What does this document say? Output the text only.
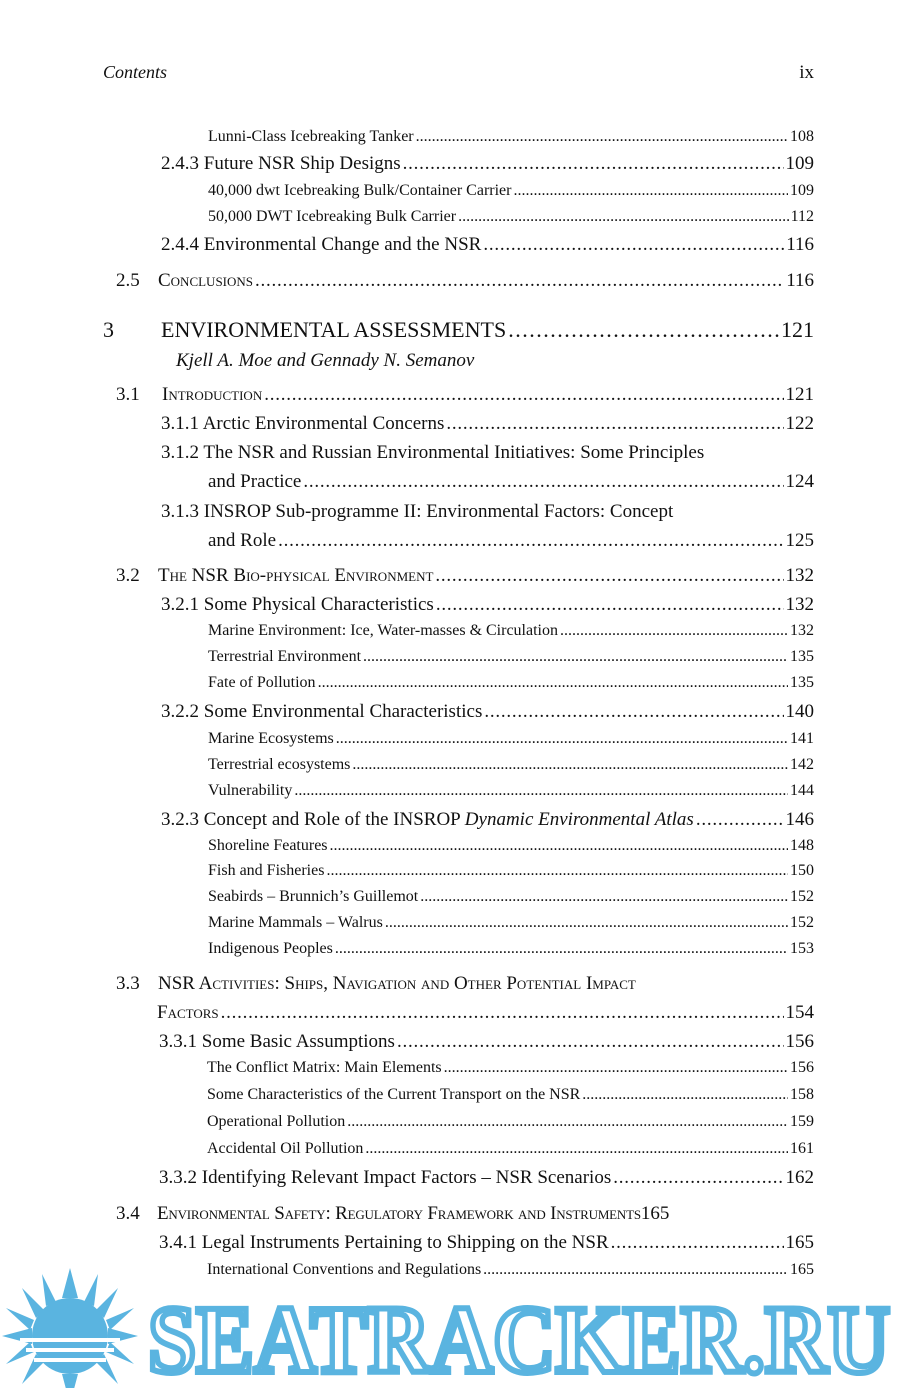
Contents	ix
Lunni-Class Icebreaking Tanker . . .	108
2.4.3 Future NSR Ship Designs . . .	109
40,000 dwt Icebreaking Bulk/Container Carrier . . .	109
50,000 DWT Icebreaking Bulk Carrier . . .	112
2.4.4 Environmental Change and the NSR . . .	116
2.5 Conclusions . . .	116
3 ENVIRONMENTAL ASSESSMENTS . . .	121
Kjell A. Moe and Gennady N. Semanov
3.1 Introduction . . .	121
3.1.1 Arctic Environmental Concerns . . .	122
3.1.2 The NSR and Russian Environmental Initiatives: Some Principles
and Practice . . .	124
3.1.3 INSROP Sub-programme II: Environmental Factors: Concept
and Role . . .	125
3.2 The NSR Bio-physical Environment . . .	132
3.2.1 Some Physical Characteristics . . .	132
Marine Environment: Ice, Water-masses & Circulation . . .	132
Terrestrial Environment . . .	135
Fate of Pollution . . .	135
3.2.2 Some Environmental Characteristics . . .	140
Marine Ecosystems . . .	141
Terrestrial ecosystems . . .	142
Vulnerability . . .	144
3.2.3 Concept and Role of the INSROP Dynamic Environmental Atlas . . .	146
Shoreline Features . . .	148
Fish and Fisheries . . .	150
Seabirds – Brunnich’s Guillemot . . .	152
Marine Mammals – Walrus . . .	152
Indigenous Peoples . . .	153
3.3 NSR Activities: Ships, Navigation and Other Potential Impact
Factors . . .	154
3.3.1 Some Basic Assumptions . . .	156
The Conflict Matrix: Main Elements . . .	156
Some Characteristics of the Current Transport on the NSR . . .	158
Operational Pollution . . .	159
Accidental Oil Pollution . . .	161
3.3.2 Identifying Relevant Impact Factors – NSR Scenarios . . .	162
3.4 Environmental Safety: Regulatory Framework and Instruments 165
3.4.1 Legal Instruments Pertaining to Shipping on the NSR . . .	165
International Conventions and Regulations . . .	165
SEATRACKER.RU
